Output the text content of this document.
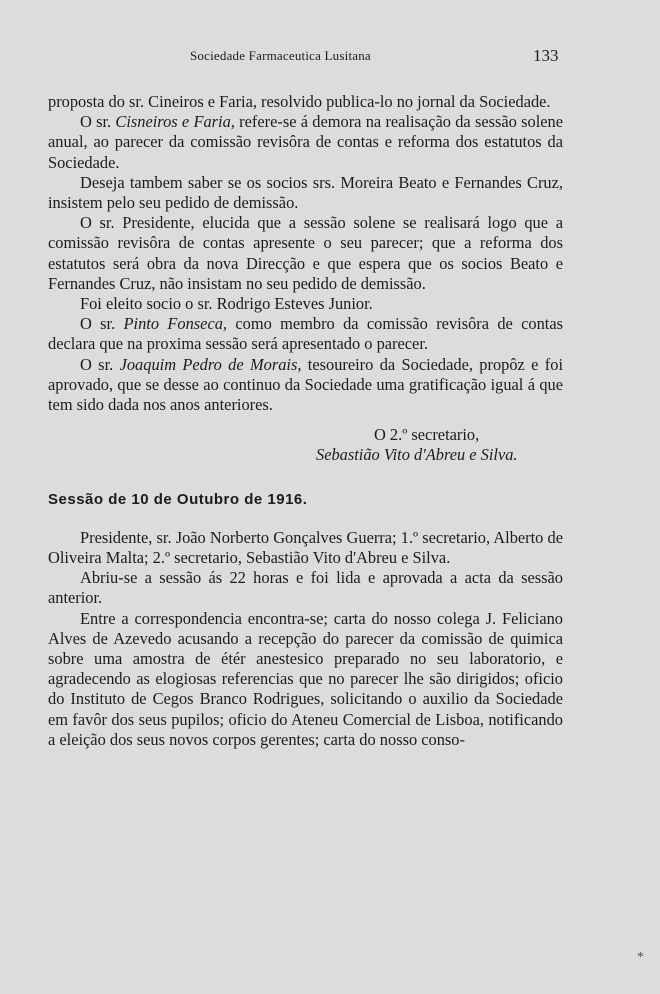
Sociedade Farmaceutica Lusitana	133

proposta do sr. Cineiros e Faria, resolvido publica-lo no jornal da Sociedade.

O sr. Cisneiros e Faria, refere-se á demora na realisação da sessão solene anual, ao parecer da comissão revisôra de contas e reforma dos estatutos da Sociedade.

Deseja tambem saber se os socios srs. Moreira Beato e Fernandes Cruz, insistem pelo seu pedido de demissão.

O sr. Presidente, elucida que a sessão solene se realisará logo que a comissão revisôra de contas apresente o seu parecer; que a reforma dos estatutos será obra da nova Direcção e que espera que os socios Beato e Fernandes Cruz, não insistam no seu pedido de demissão.

Foi eleito socio o sr. Rodrigo Esteves Junior.

O sr. Pinto Fonseca, como membro da comissão revisôra de contas declara que na proxima sessão será apresentado o parecer.

O sr. Joaquim Pedro de Morais, tesoureiro da Sociedade, propôz e foi aprovado, que se desse ao continuo da Sociedade uma gratificação igual á que tem sido dada nos anos anteriores.

O 2.º secretario,

Sebastião Vito d'Abreu e Silva.

Sessão de 10 de Outubro de 1916.

Presidente, sr. João Norberto Gonçalves Guerra; 1.º secretario, Alberto de Oliveira Malta; 2.º secretario, Sebastião Vito d'Abreu e Silva.

Abriu-se a sessão ás 22 horas e foi lida e aprovada a acta da sessão anterior.

Entre a correspondencia encontra-se; carta do nosso colega J. Feliciano Alves de Azevedo acusando a recepção do parecer da comissão de quimica sobre uma amostra de étér anestesico preparado no seu laboratorio, e agradecendo as elogiosas referencias que no parecer lhe são dirigidos; oficio do Instituto de Cegos Branco Rodrigues, solicitando o auxilio da Sociedade em favôr dos seus pupilos; oficio do Ateneu Comercial de Lisboa, notificando a eleição dos seus novos corpos gerentes; carta do nosso conso-

*
